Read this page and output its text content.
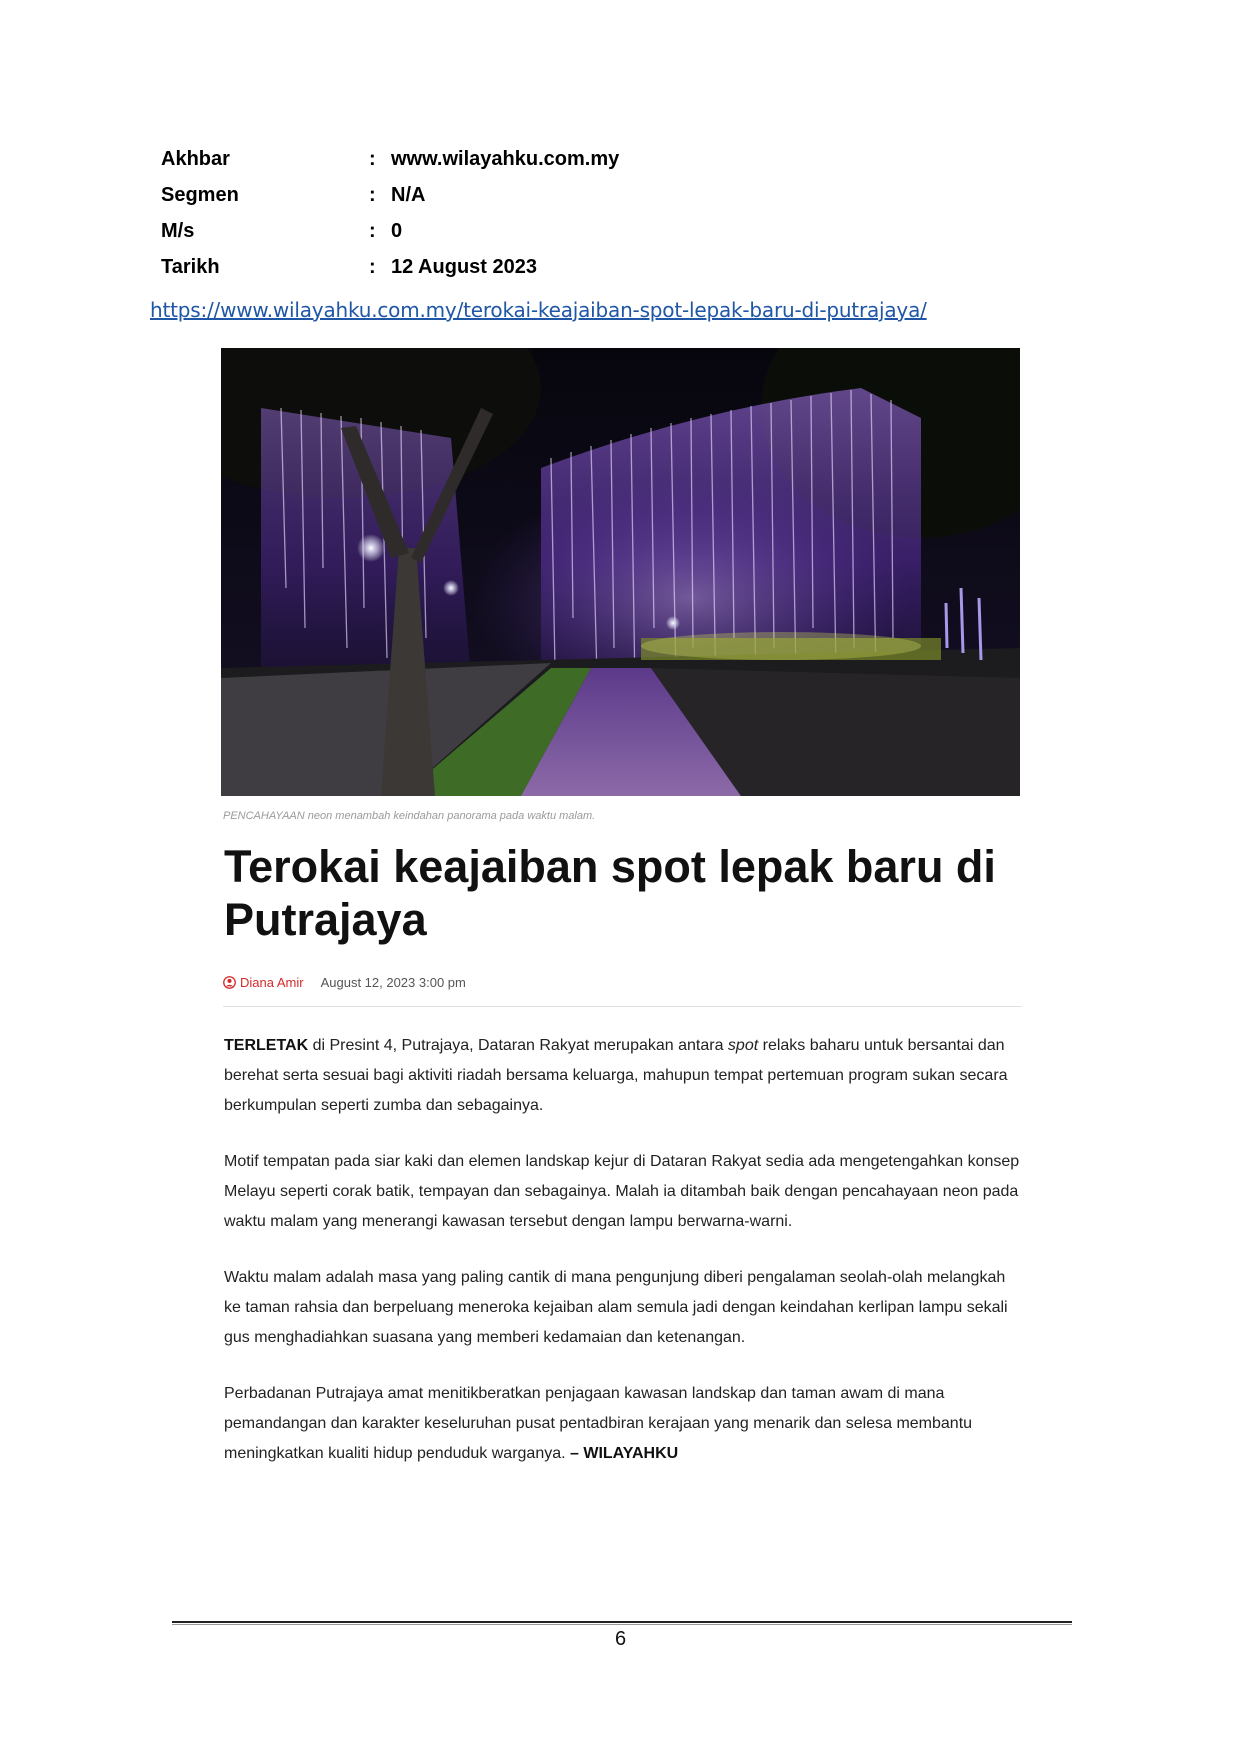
Akhbar	: www.wilayahku.com.my
Segmen	: N/A
M/s	: 0
Tarikh	: 12 August 2023
https://www.wilayahku.com.my/terokai-keajaiban-spot-lepak-baru-di-putrajaya/
PENCAHAYAAN neon menambah keindahan panorama pada waktu malam.
Terokai keajaiban spot lepak baru di Putrajaya
Diana Amir August 12, 2023 3:00 pm

TERLETAK di Presint 4, Putrajaya, Dataran Rakyat merupakan antara spot relaks baharu untuk bersantai dan berehat serta sesuai bagi aktiviti riadah bersama keluarga, mahupun tempat pertemuan program sukan secara berkumpulan seperti zumba dan sebagainya.

Motif tempatan pada siar kaki dan elemen landskap kejur di Dataran Rakyat sedia ada mengetengahkan konsep Melayu seperti corak batik, tempayan dan sebagainya. Malah ia ditambah baik dengan pencahayaan neon pada waktu malam yang menerangi kawasan tersebut dengan lampu berwarna-warni.

Waktu malam adalah masa yang paling cantik di mana pengunjung diberi pengalaman seolah-olah melangkah ke taman rahsia dan berpeluang meneroka kejaiban alam semula jadi dengan keindahan kerlipan lampu sekali gus menghadiahkan suasana yang memberi kedamaian dan ketenangan.

Perbadanan Putrajaya amat menitikberatkan penjagaan kawasan landskap dan taman awam di mana pemandangan dan karakter keseluruhan pusat pentadbiran kerajaan yang menarik dan selesa membantu meningkatkan kualiti hidup penduduk warganya. – WILAYAHKU

6
